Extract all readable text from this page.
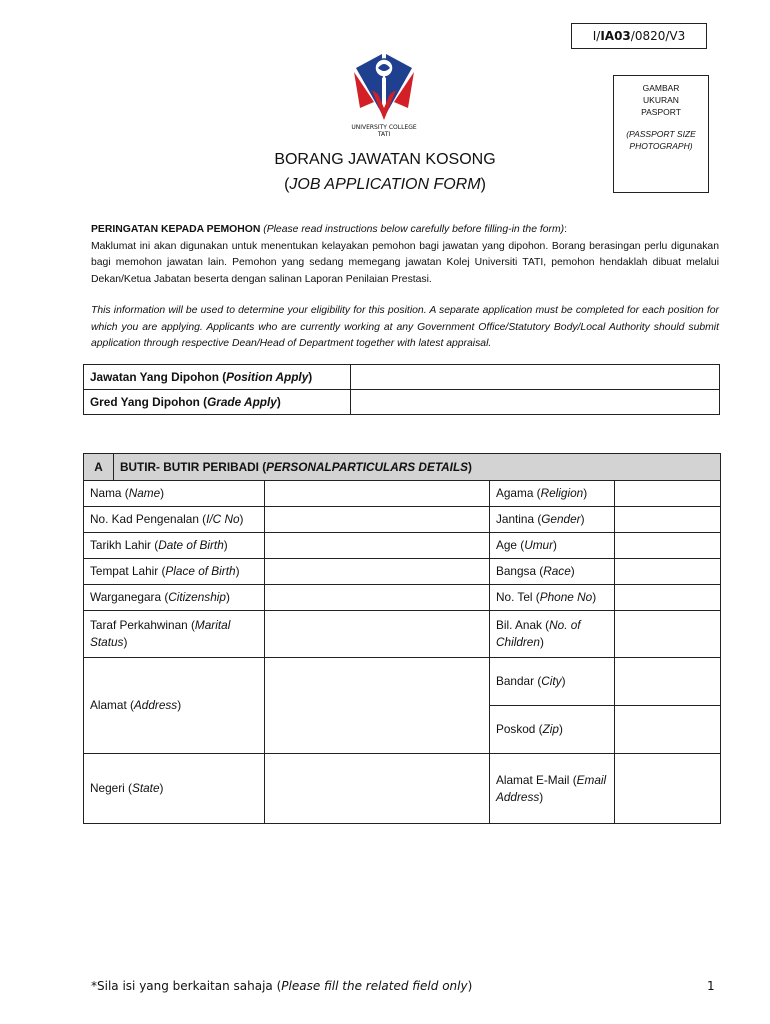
I/ IA03 /0820/V3
UNIVERSITY COLLEGE
TATI
GAMBAR
UKURAN
PASPORT
(PASSPORT SIZE PHOTOGRAPH)
BORANG JAWATAN KOSONG
(JOB APPLICATION FORM)

PERINGATAN KEPADA PEMOHON (Please read instructions below carefully before filling-in the form):

Maklumat ini akan digunakan untuk menentukan kelayakan pemohon bagi jawatan yang dipohon. Borang berasingan perlu digunakan bagi memohon jawatan lain. Pemohon yang sedang memegang jawatan Kolej Universiti TATI, pemohon hendaklah dibuat melalui Dekan/Ketua Jabatan beserta dengan salinan Laporan Penilaian Prestasi.

This information will be used to determine your eligibility for this position. A separate application must be completed for each position for which you are applying. Applicants who are currently working at any Government Office/Statutory Body/Local Authority should submit application through respective Dean/Head of Department together with latest appraisal.

Jawatan Yang Dipohon (Position Apply)	
Gred Yang Dipohon (Grade Apply)	
A	BUTIR- BUTIR PERIBADI (PERSONALPARTICULARS DETAILS)			
Nama (Name)			Agama (Religion)	
No. Kad Pengenalan (I/C No)			Jantina (Gender)	
Tarikh Lahir (Date of Birth)			Age (Umur)	
Tempat Lahir (Place of Birth)			Bangsa (Race)	
Warganegara (Citizenship)			No. Tel (Phone No)	
Taraf Perkahwinan (Marital Status)			Bil. Anak (No. of Children)	
Alamat (Address)			Bandar (City)	
			Poskod (Zip)	
Negeri (State)			Alamat E-Mail (Email Address)	
*Sila isi yang berkaitan sahaja (Please fill the related field only)	1
